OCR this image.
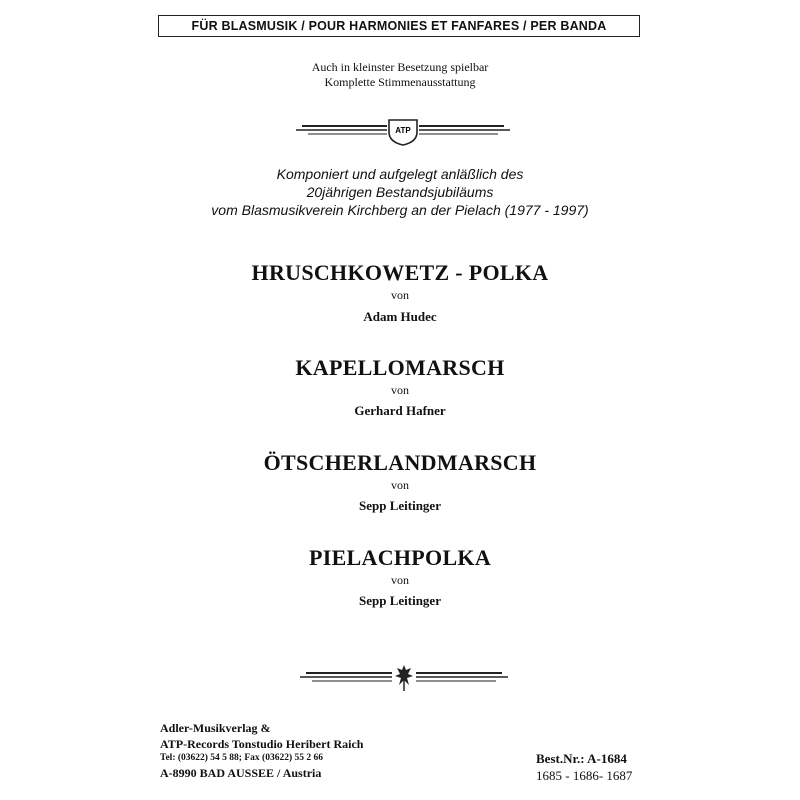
FÜR BLASMUSIK / POUR HARMONIES ET FANFARES / PER BANDA
Auch in kleinster Besetzung spielbar
Komplette Stimmenausstattung
ATP
Komponiert und aufgelegt anläßlich des
20jährigen Bestandsjubiläums
vom Blasmusikverein Kirchberg an der Pielach (1977 - 1997)
HRUSCHKOWETZ - POLKA
von
Adam Hudec
KAPELLOMARSCH
von
Gerhard Hafner
ÖTSCHERLANDMARSCH
von
Sepp Leitinger
PIELACHPOLKA
von
Sepp Leitinger
Adler-Musikverlag &
ATP-Records Tonstudio Heribert Raich
Tel: (03622) 54 5 88; Fax (03622) 55 2 66
A-8990 BAD AUSSEE / Austria
Best.Nr.: A-1684
1685 - 1686- 1687
